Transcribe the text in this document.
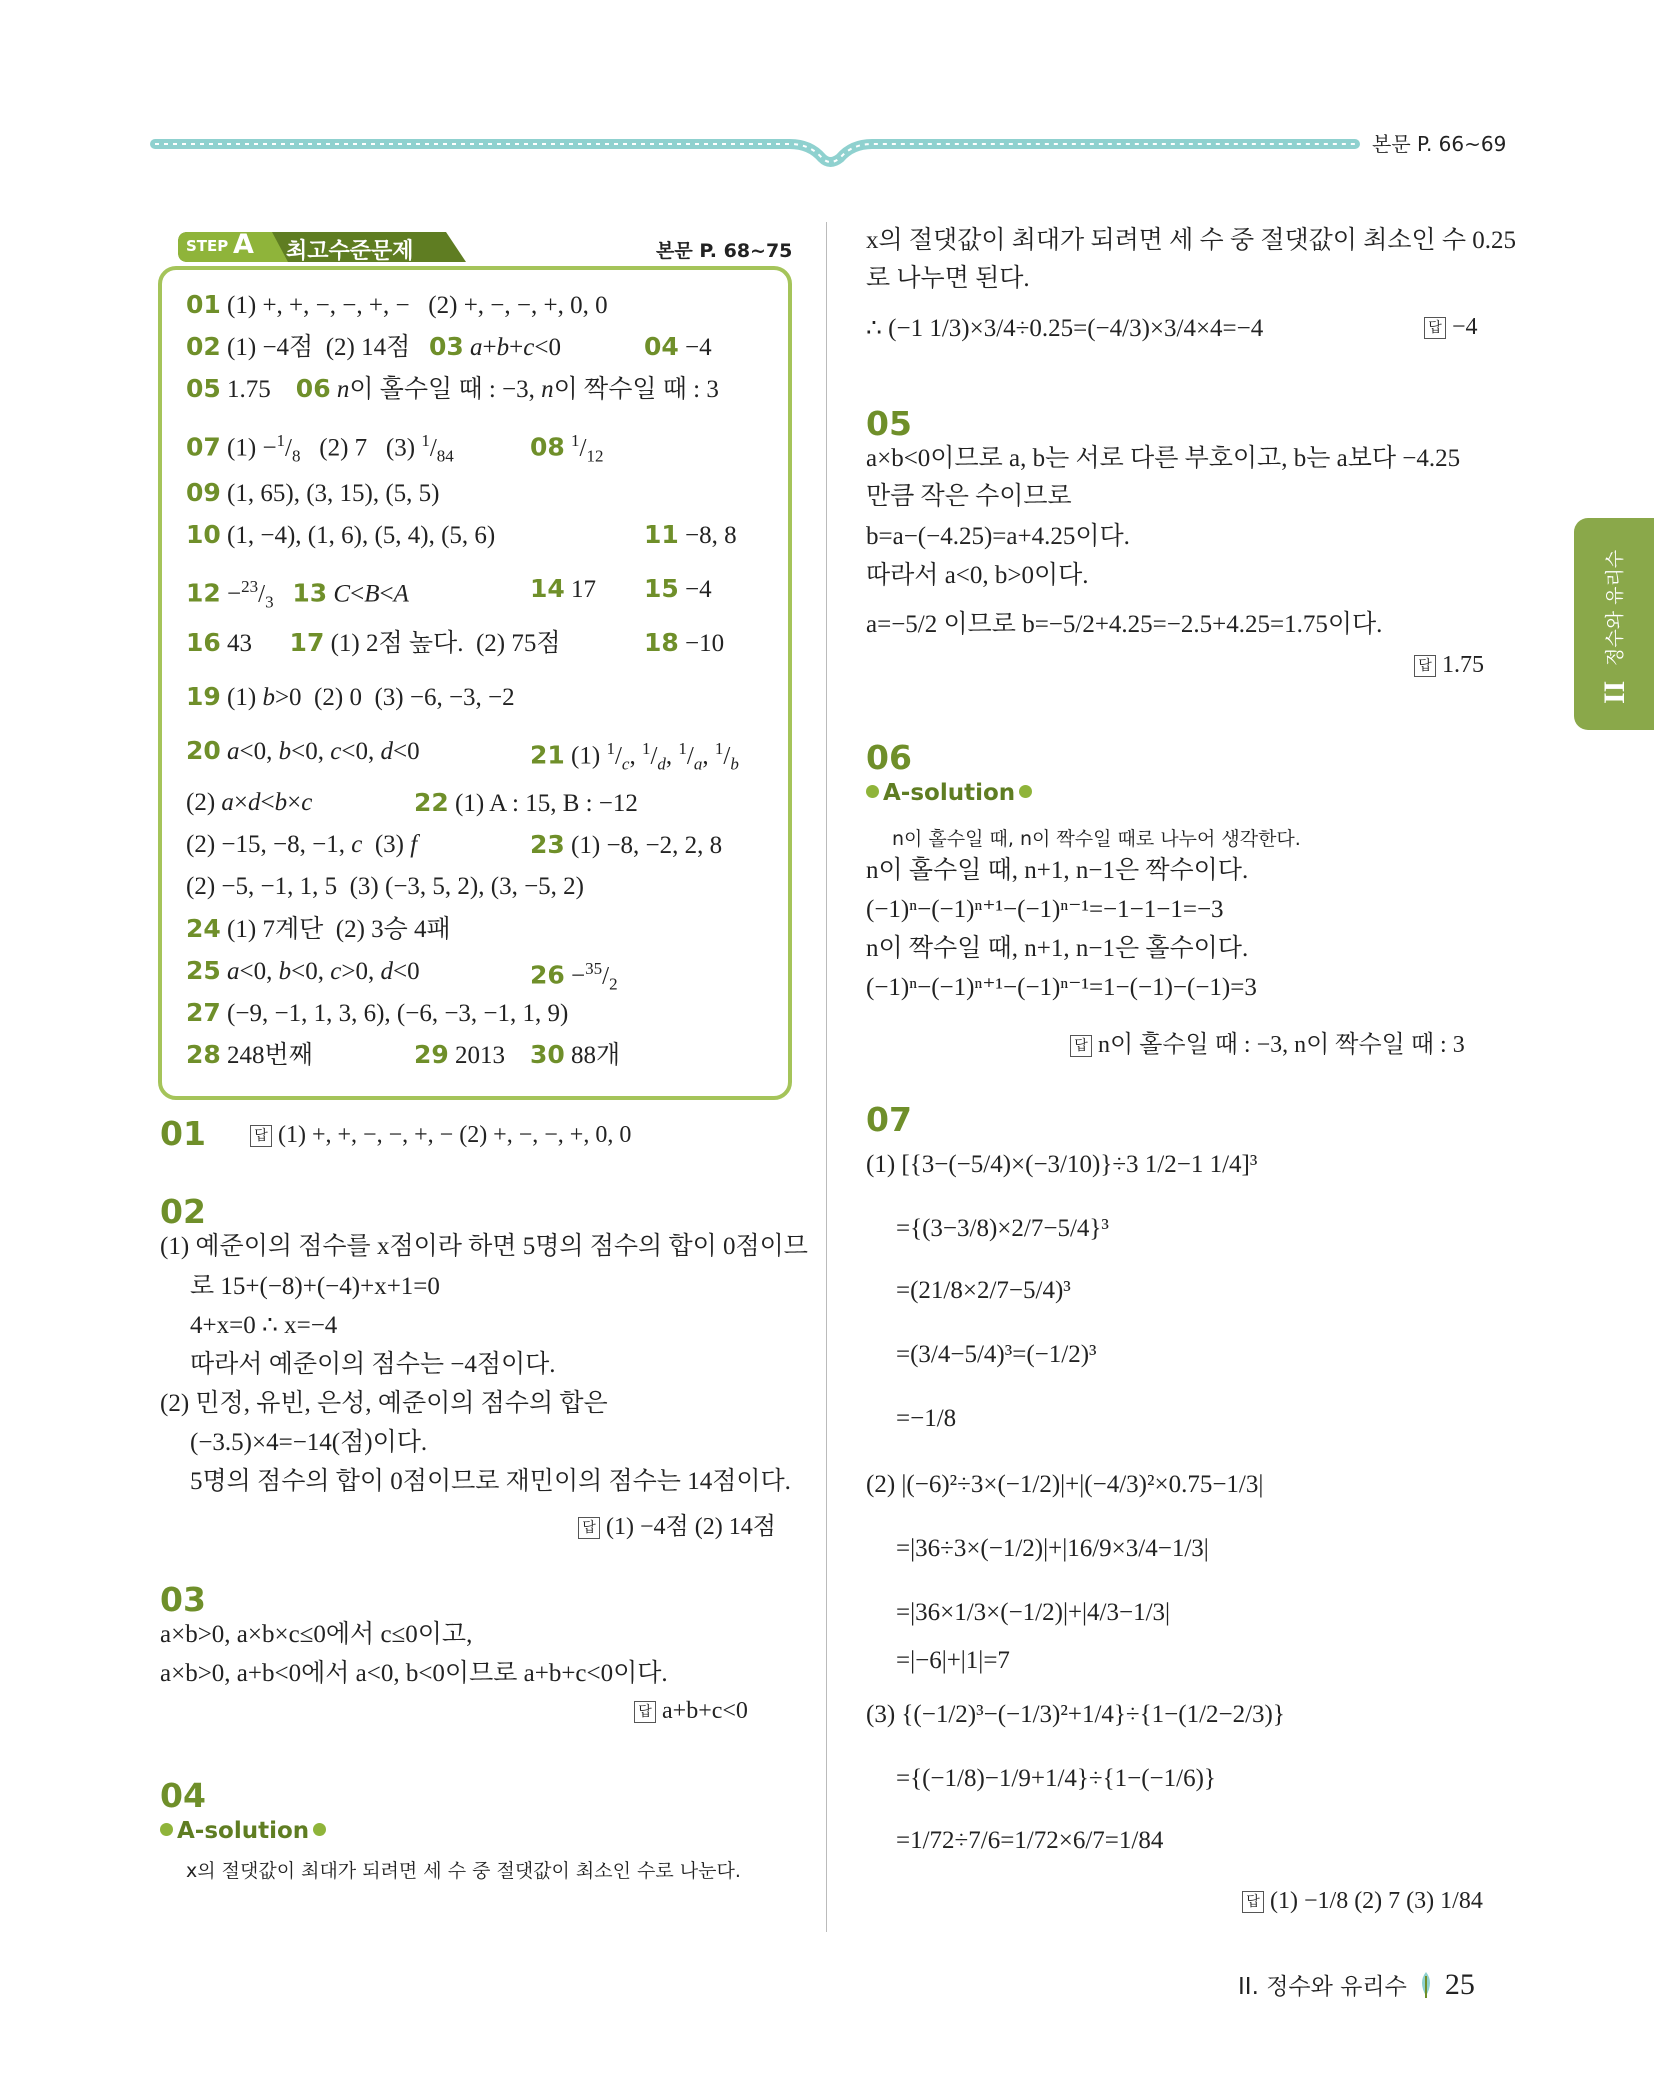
본문 P. 66~69
II
정수와 유리수
STEP A 최고수준문제	본문 P. 68~75
01 (1) +, +, −, −, +, −   (2) +, −, −, +, 0, 0
02 (1) −4점  (2) 14점   03 a+b+c<0	04 −4
05 1.75    06 n이 홀수일 때 : −3, n이 짝수일 때 : 3
07 $(1) -^1/_8$   (2) 7   (3) $^1/_{84}$	08 $^1/_{12}$
09 (1, 65), (3, 15), (5, 5)
10 (1, −4), (1, 6), (5, 4), (5, 6)	11 −8, 8
$12 -^{23}/_3$ 13 C<B<A	14 17 15 −4
16 43      17 (1) 2점 높다.  (2) 75점	18 −10
19 (1) b>0  (2) 0  (3) −6, −3, −2
20 a<0, b<0, c<0, d<0	21 (1) $^1/_c$, $^1/_d$, $^1/_a$, $^1/_b$
(2) a×d<b×c	22 (1) A : 15, B : −12
(2) −15, −8, −1, c  (3) f	23 (1) −8, −2, 2, 8
(2) −5, −1, 1, 5  (3) (−3, 5, 2), (3, −5, 2)
24 (1) 7계단  (2) 3승 4패
25 a<0, b<0, c>0, d<0	$26 -^{35}/_2$
27 (−9, −1, 1, 3, 6), (−6, −3, −1, 1, 9)
28 248번째	29 2013 30 88개
01	답 (1) +, +, −, −, +, − (2) +, −, −, +, 0, 0
02
(1) 예준이의 점수를 x점이라 하면 5명의 점수의 합이 0점이므
로 15+(−8)+(−4)+x+1=0
4+x=0 ∴ x=−4
따라서 예준이의 점수는 −4점이다.
(2) 민정, 유빈, 은성, 예준이의 점수의 합은
(−3.5)×4=−14(점)이다.
5명의 점수의 합이 0점이므로 재민이의 점수는 14점이다.
답 (1) −4점 (2) 14점
03
a×b>0, a×b×c≤0에서 c≤0이고,
a×b>0, a+b<0에서 a<0, b<0이므로 a+b+c<0이다.
답 a+b+c<0
04
A-solution
x의 절댓값이 최대가 되려면 세 수 중 절댓값이 최소인 수로 나눈다.
x의 절댓값이 최대가 되려면 세 수 중 절댓값이 최소인 수 0.25
로 나누면 된다.
∴ (−1 1/3)×3/4÷0.25=(−4/3)×3/4×4=−4	답 −4
05
a×b<0이므로 a, b는 서로 다른 부호이고, b는 a보다 −4.25
만큼 작은 수이므로
b=a−(−4.25)=a+4.25이다.
따라서 a<0, b>0이다.
a=−5/2 이므로 b=−5/2+4.25=−2.5+4.25=1.75이다.
답 1.75
06
A-solution
n이 홀수일 때, n이 짝수일 때로 나누어 생각한다.
n이 홀수일 때, n+1, n−1은 짝수이다.
(−1)ⁿ−(−1)ⁿ⁺¹−(−1)ⁿ⁻¹=−1−1−1=−3
n이 짝수일 때, n+1, n−1은 홀수이다.
(−1)ⁿ−(−1)ⁿ⁺¹−(−1)ⁿ⁻¹=1−(−1)−(−1)=3
답 n이 홀수일 때 : −3, n이 짝수일 때 : 3
07
(1) [{3−(−5/4)×(−3/10)}÷3 1/2−1 1/4]³
={(3−3/8)×2/7−5/4}³
=(21/8×2/7−5/4)³
=(3/4−5/4)³=(−1/2)³
=−1/8
(2) |(−6)²÷3×(−1/2)|+|(−4/3)²×0.75−1/3|
=|36÷3×(−1/2)|+|16/9×3/4−1/3|
=|36×1/3×(−1/2)|+|4/3−1/3|
=|−6|+|1|=7
(3) {(−1/2)³−(−1/3)²+1/4}÷{1−(1/2−2/3)}
={(−1/8)−1/9+1/4}÷{1−(−1/6)}
=1/72÷7/6=1/72×6/7=1/84
답 (1) −1/8 (2) 7 (3) 1/84
II. 정수와 유리수 25
